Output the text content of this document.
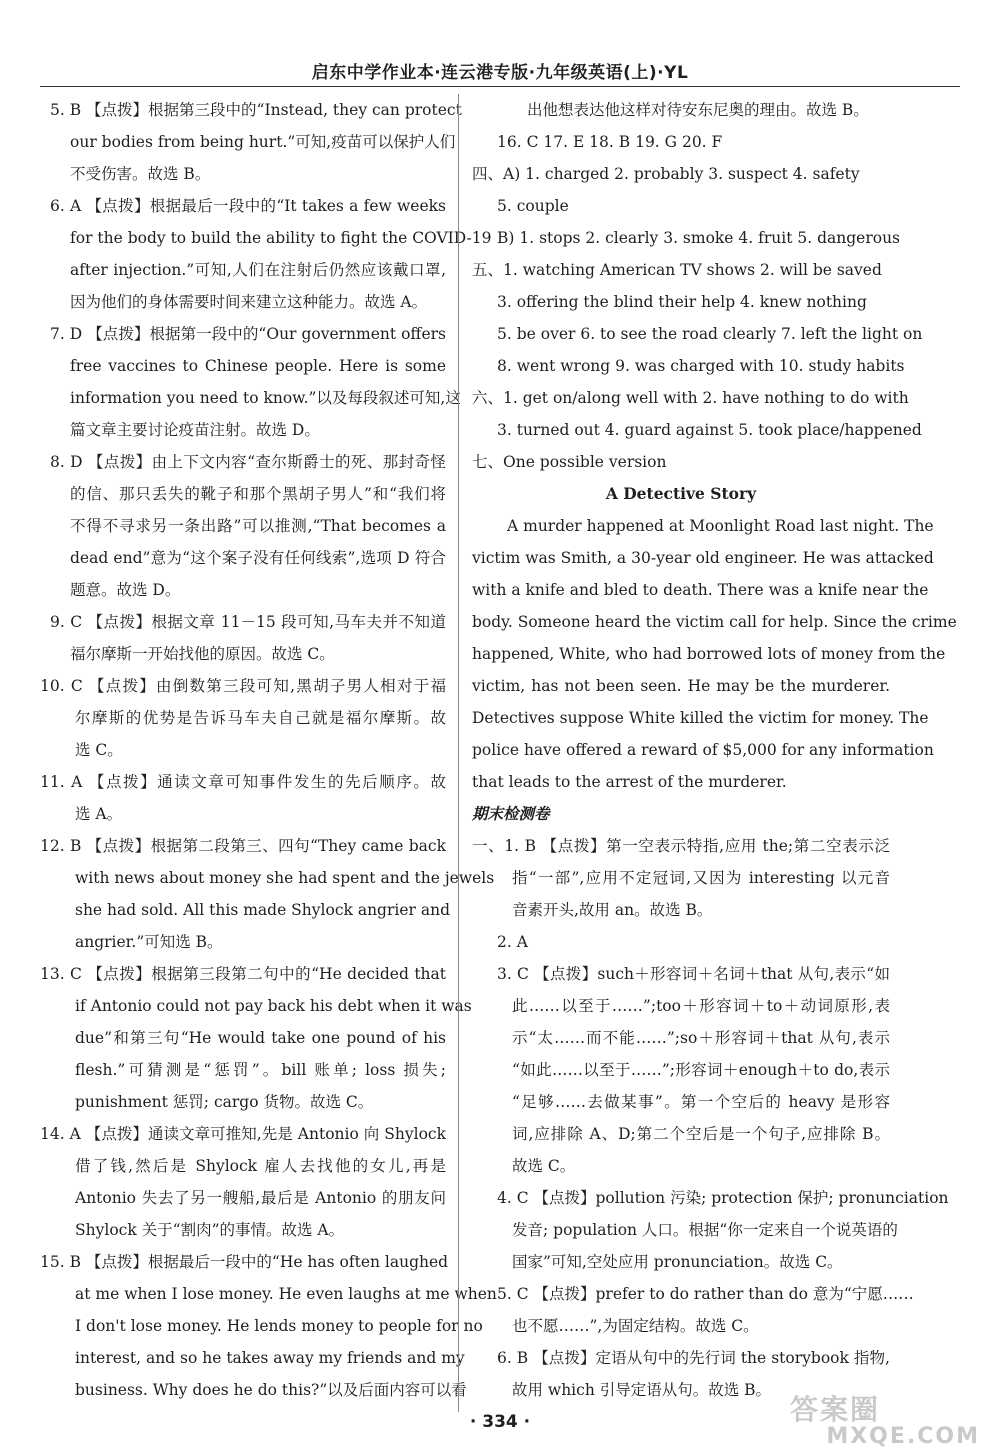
启东中学作业本·连云港专版·九年级英语(上)·YL
5. B 【点拨】根据第三段中的“Instead, they can protect
our bodies from being hurt.”可知,疫苗可以保护人们
不受伤害。故选 B。
6. A 【点拨】根据最后一段中的“It takes a few weeks
for the body to build the ability to fight the COVID-19
after injection.”可知,人们在注射后仍然应该戴口罩,
因为他们的身体需要时间来建立这种能力。故选 A。
7. D 【点拨】根据第一段中的“Our government offers
free vaccines to Chinese people. Here is some
information you need to know.”以及每段叙述可知,这
篇文章主要讨论疫苗注射。故选 D。
8. D 【点拨】由上下文内容“查尔斯爵士的死、那封奇怪
的信、那只丢失的靴子和那个黑胡子男人”和“我们将
不得不寻求另一条出路”可以推测,“That becomes a
dead end”意为“这个案子没有任何线索”,选项 D 符合
题意。故选 D。
9. C 【点拨】根据文章 11－15 段可知,马车夫并不知道
福尔摩斯一开始找他的原因。故选 C。
10. C 【点拨】由倒数第三段可知,黑胡子男人相对于福
尔摩斯的优势是告诉马车夫自己就是福尔摩斯。故
选 C。
11. A 【点拨】通读文章可知事件发生的先后顺序。故
选 A。
12. B 【点拨】根据第二段第三、四句“They came back
with news about money she had spent and the jewels
she had sold. All this made Shylock angrier and
angrier.”可知选 B。
13. C 【点拨】根据第三段第二句中的“He decided that
if Antonio could not pay back his debt when it was
due”和第三句“He would take one pound of his
flesh.”可猜测是“惩罚”。bill 账单; loss 损失;
punishment 惩罚; cargo 货物。故选 C。
14. A 【点拨】通读文章可推知,先是 Antonio 向 Shylock
借了钱,然后是 Shylock 雇人去找他的女儿,再是
Antonio 失去了另一艘船,最后是 Antonio 的朋友问
Shylock 关于“割肉”的事情。故选 A。
15. B 【点拨】根据最后一段中的“He has often laughed
at me when I lose money. He even laughs at me when
I don't lose money. He lends money to people for no
interest, and so he takes away my friends and my
business. Why does he do this?”以及后面内容可以看
出他想表达他这样对待安东尼奥的理由。故选 B。
16. C 17. E 18. B 19. G 20. F
四、A) 1. charged 2. probably 3. suspect 4. safety
5. couple
B) 1. stops 2. clearly 3. smoke 4. fruit 5. dangerous
五、1. watching American TV shows 2. will be saved
3. offering the blind their help 4. knew nothing
5. be over 6. to see the road clearly 7. left the light on
8. went wrong 9. was charged with 10. study habits
六、1. get on/along well with 2. have nothing to do with
3. turned out 4. guard against 5. took place/happened
七、One possible version
A Detective Story
A murder happened at Moonlight Road last night. The
victim was Smith, a 30-year old engineer. He was attacked
with a knife and bled to death. There was a knife near the
body. Someone heard the victim call for help. Since the crime
happened, White, who had borrowed lots of money from the
victim, has not been seen. He may be the murderer.
Detectives suppose White killed the victim for money. The
police have offered a reward of $5,000 for any information
that leads to the arrest of the murderer.
期末检测卷
一、1. B 【点拨】第一空表示特指,应用 the;第二空表示泛
指“一部”,应用不定冠词,又因为 interesting 以元音
音素开头,故用 an。故选 B。
2. A
3. C 【点拨】such＋形容词＋名词＋that 从句,表示“如
此……以至于……”;too＋形容词＋to＋动词原形,表
示“太……而不能……”;so＋形容词＋that 从句,表示
“如此……以至于……”;形容词＋enough＋to do,表示
“足够……去做某事”。第一个空后的 heavy 是形容
词,应排除 A、D;第二个空后是一个句子,应排除 B。
故选 C。
4. C 【点拨】pollution 污染; protection 保护; pronunciation
发音; population 人口。根据“你一定来自一个说英语的
国家”可知,空处应用 pronunciation。故选 C。
5. C 【点拨】prefer to do rather than do 意为“宁愿……
也不愿……”,为固定结构。故选 C。
6. B 【点拨】定语从句中的先行词 the storybook 指物,
故用 which 引导定语从句。故选 B。
· 334 ·	答案圈
MXQE.COM
